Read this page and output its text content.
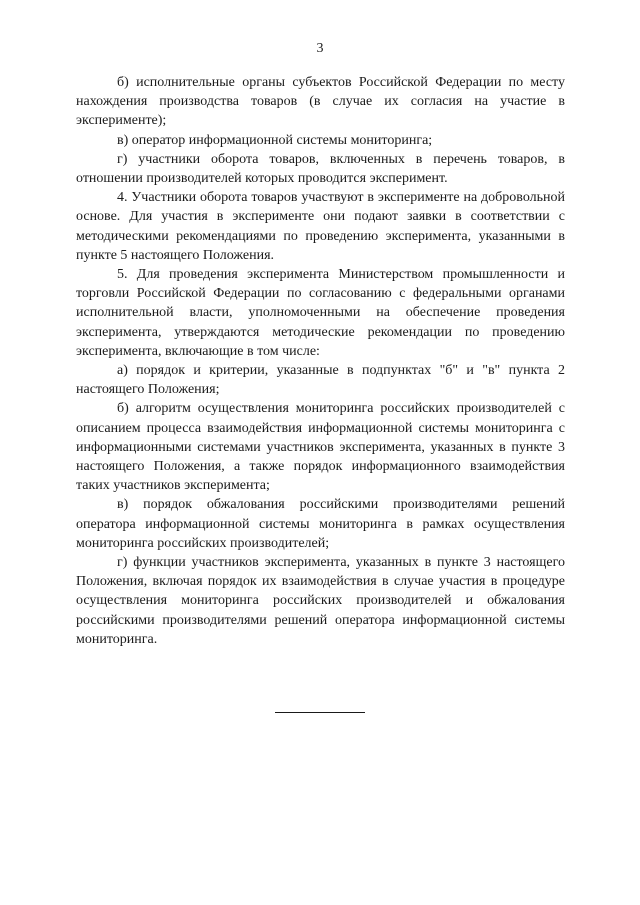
3

б) исполнительные органы субъектов Российской Федерации по месту нахождения производства товаров (в случае их согласия на участие в эксперименте);

в) оператор информационной системы мониторинга;

г) участники оборота товаров, включенных в перечень товаров, в отношении производителей которых проводится эксперимент.

4. Участники оборота товаров участвуют в эксперименте на добровольной основе. Для участия в эксперименте они подают заявки в соответствии с методическими рекомендациями по проведению эксперимента, указанными в пункте 5 настоящего Положения.

5. Для проведения эксперимента Министерством промышленности и торговли Российской Федерации по согласованию с федеральными органами исполнительной власти, уполномоченными на обеспечение проведения эксперимента, утверждаются методические рекомендации по проведению эксперимента, включающие в том числе:

а) порядок и критерии, указанные в подпунктах "б" и "в" пункта 2 настоящего Положения;

б) алгоритм осуществления мониторинга российских производителей с описанием процесса взаимодействия информационной системы мониторинга с информационными системами участников эксперимента, указанных в пункте 3 настоящего Положения, а также порядок информационного взаимодействия таких участников эксперимента;

в) порядок обжалования российскими производителями решений оператора информационной системы мониторинга в рамках осуществления мониторинга российских производителей;

г) функции участников эксперимента, указанных в пункте 3 настоящего Положения, включая порядок их взаимодействия в случае участия в процедуре осуществления мониторинга российских производителей и обжалования российскими производителями решений оператора информационной системы мониторинга.
